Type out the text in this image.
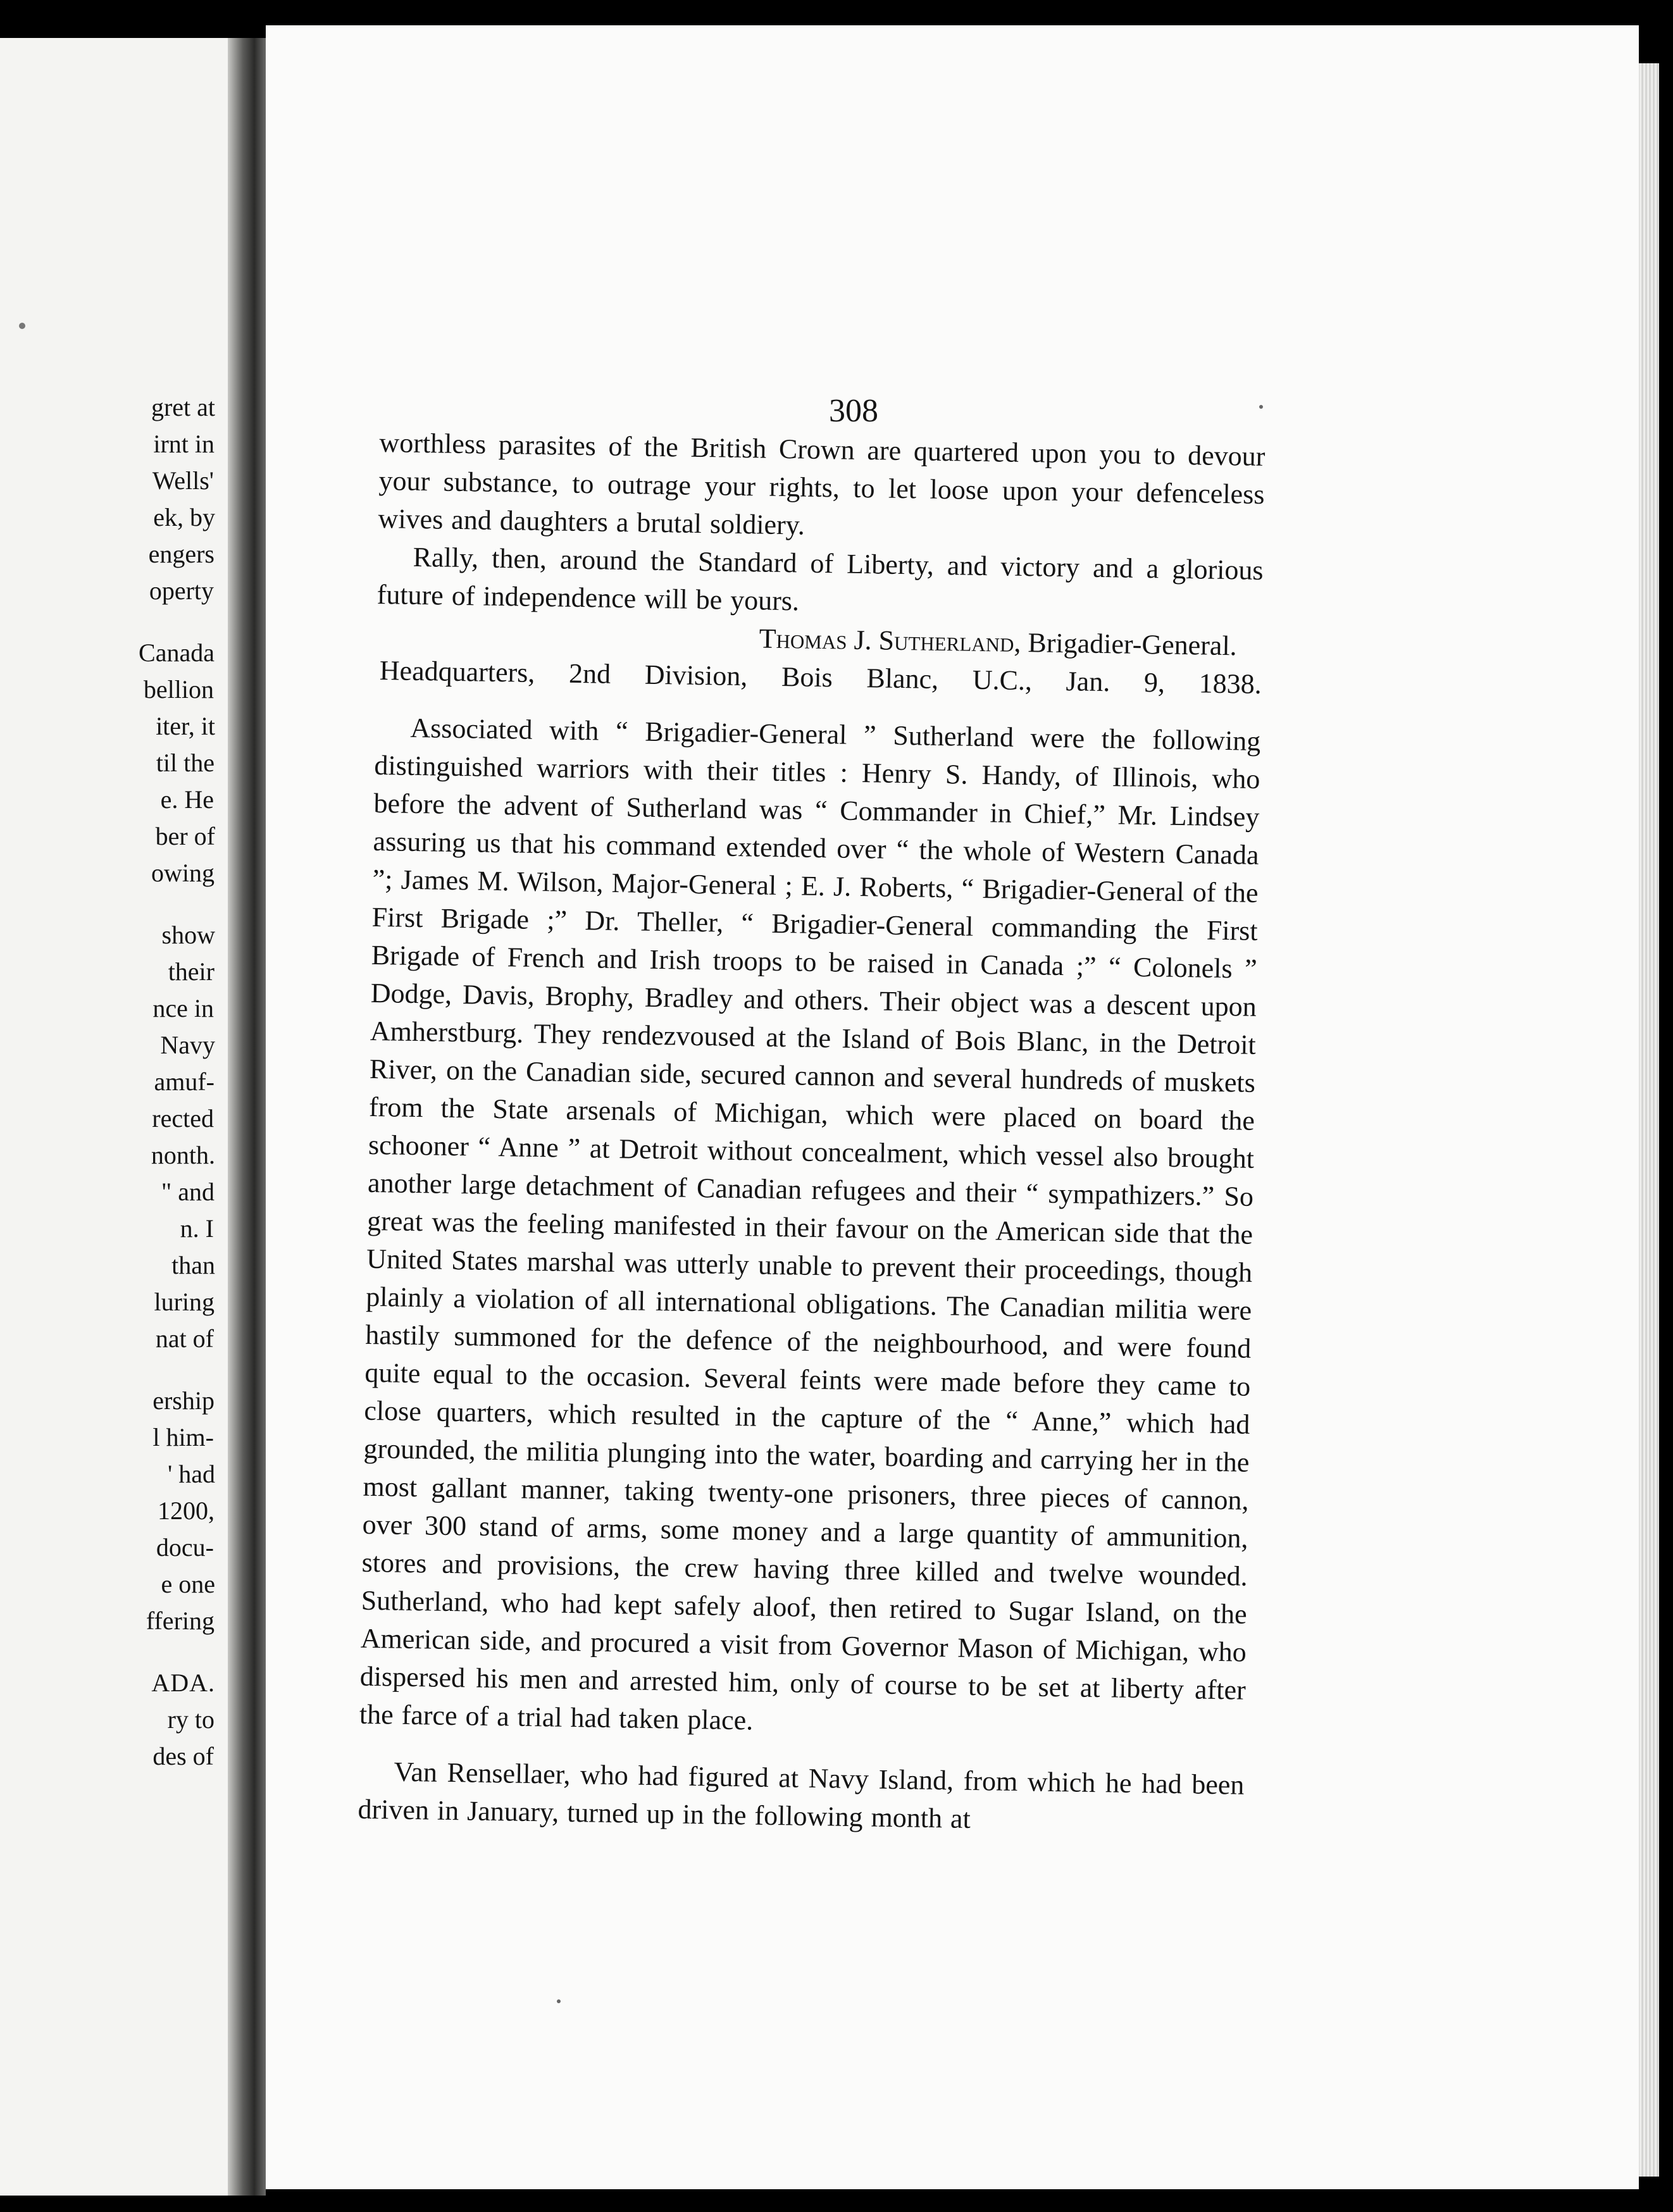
gret at

irnt in

Wells'

ek, by

engers

operty

Canada

bellion

iter, it

til the

e. He

ber of

owing

show

their

nce in

Navy

amuf-

rected

nonth.

" and

n. I

than

luring

nat of

ership

l him-

' had

1200,

docu-

e one

ffering

ADA.

ry to

des of

308

worthless parasites of the British Crown are quartered upon you to devour your substance, to outrage your rights, to let loose upon your defenceless wives and daughters a brutal soldiery.

Rally, then, around the Standard of Liberty, and victory and a glorious future of independence will be yours.

Thomas J. Sutherland, Brigadier-General.

Headquarters, 2nd Division, Bois Blanc, U.C., Jan. 9, 1838.

Associated with “ Brigadier-General ” Sutherland were the following distinguished warriors with their titles : Henry S. Handy, of Illinois, who before the advent of Sutherland was “ Commander in Chief,” Mr. Lindsey assuring us that his command extended over “ the whole of Western Canada ”; James M. Wilson, Major-General ; E. J. Roberts, “ Brigadier-General of the First Brigade ;” Dr. Theller, “ Brigadier-General commanding the First Brigade of French and Irish troops to be raised in Canada ;” “ Colonels ” Dodge, Davis, Brophy, Bradley and others. Their object was a descent upon Amherstburg. They rendezvoused at the Island of Bois Blanc, in the Detroit River, on the Canadian side, secured cannon and several hundreds of muskets from the State arsenals of Michigan, which were placed on board the schooner “ Anne ” at Detroit without concealment, which vessel also brought another large detachment of Canadian refugees and their “ sympathizers.” So great was the feeling manifested in their favour on the American side that the United States marshal was utterly unable to prevent their proceedings, though plainly a violation of all international obligations. The Canadian militia were hastily summoned for the defence of the neighbourhood, and were found quite equal to the occasion. Several feints were made before they came to close quarters, which resulted in the capture of the “ Anne,” which had grounded, the militia plunging into the water, boarding and carrying her in the most gallant manner, taking twenty-one prisoners, three pieces of cannon, over 300 stand of arms, some money and a large quantity of ammunition, stores and provisions, the crew having three killed and twelve wounded. Sutherland, who had kept safely aloof, then retired to Sugar Island, on the American side, and procured a visit from Governor Mason of Michigan, who dispersed his men and arrested him, only of course to be set at liberty after the farce of a trial had taken place.

Van Rensellaer, who had figured at Navy Island, from which he had been driven in January, turned up in the following month at
